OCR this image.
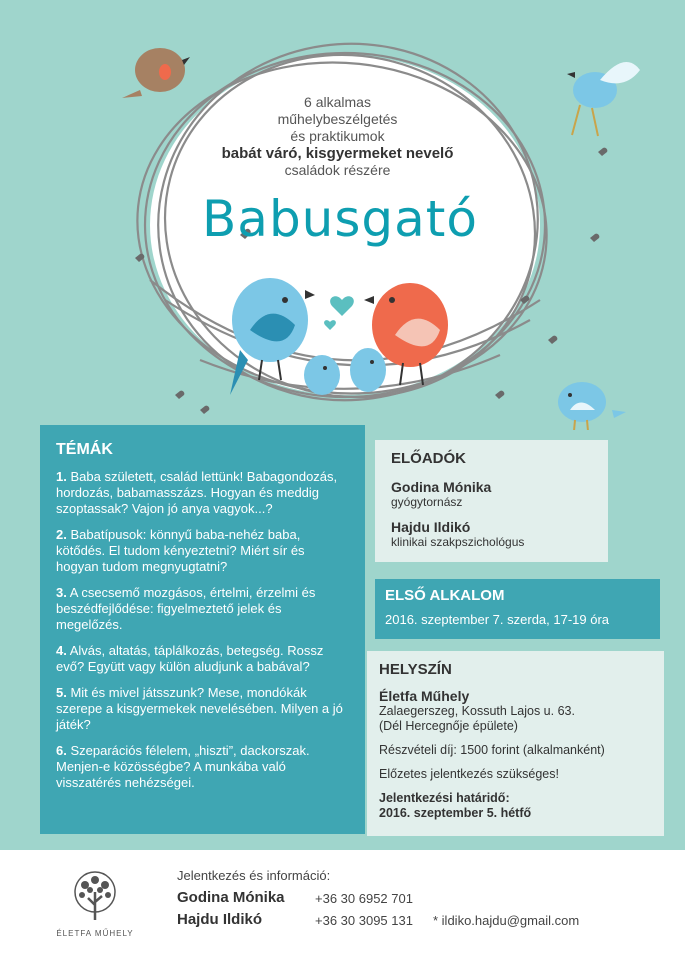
6 alkalmas
műhelybeszélgetés
és praktikumok
babát váró, kisgyermeket nevelő
családok részére
Babusgató
TÉMÁK
1. Baba született, család lettünk! Babagondozás, hordozás, babamasszázs. Hogyan és meddig szoptassak? Vajon jó anya vagyok...?
2. Babatípusok: könnyű baba-nehéz baba, kötődés. El tudom kényeztetni? Miért sír és hogyan tudom megnyugtatni?
3. A csecsemő mozgásos, értelmi, érzelmi és beszédfejlődése: figyelmeztető jelek és megelőzés.
4. Alvás, altatás, táplálkozás, betegség. Rossz evő? Együtt vagy külön aludjunk a babával?
5. Mit és mivel játsszunk? Mese, mondókák szerepe a kisgyermekek nevelésében. Milyen a jó játék?
6. Szeparációs félelem, „hiszti”, dackorszak. Menjen-e közösségbe? A munkába való visszatérés nehézségei.
ELŐADÓK
Godina Mónika
gyógytornász
Hajdu Ildikó
klinikai szakpszichológus
ELSŐ ALKALOM
2016. szeptember 7. szerda, 17-19 óra
HELYSZÍN
Életfa Műhely
Zalaegerszeg, Kossuth Lajos u. 63.
(Dél Hercegnője épülete)
Részvételi díj: 1500 forint (alkalmanként)
Előzetes jelentkezés szükséges!
Jelentkezési határidő:
2016. szeptember 5. hétfő
ÉLETFA MŰHELY
Jelentkezés és információ:
Godina Mónika +36 30 6952 701
Hajdu Ildikó	+36 30 3095 131 * ildiko.hajdu@gmail.com
